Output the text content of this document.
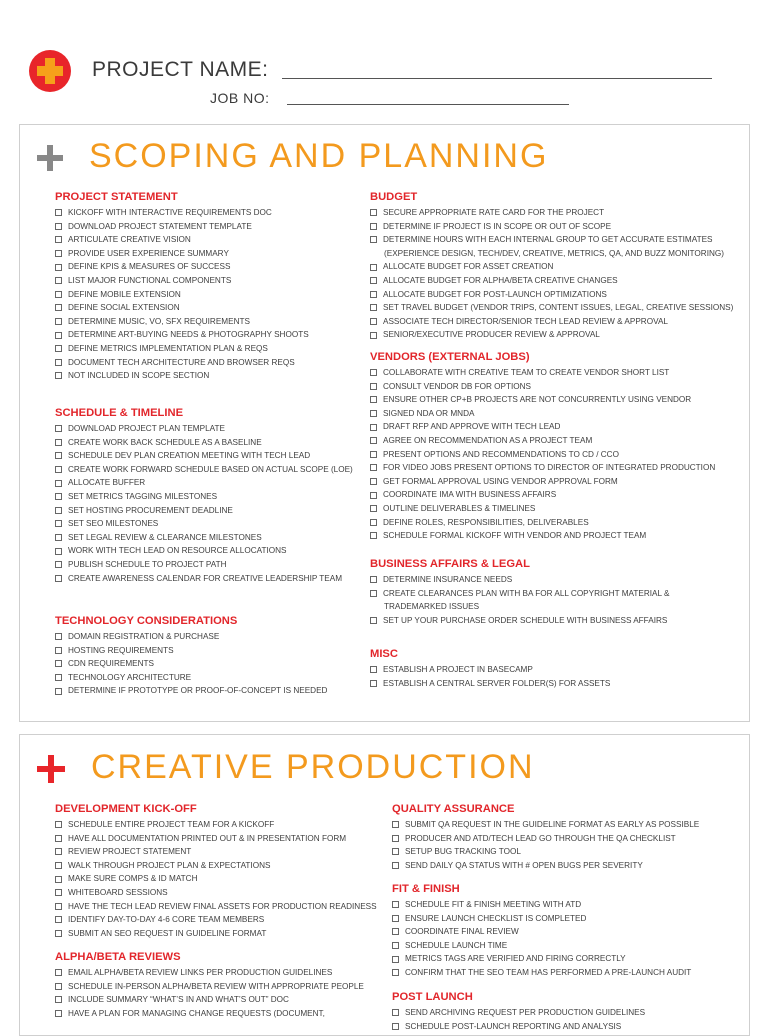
PROJECT NAME:
JOB NO:
SCOPING AND PLANNING
PROJECT STATEMENT
KICKOFF WITH INTERACTIVE REQUIREMENTS DOC
DOWNLOAD PROJECT STATEMENT TEMPLATE
ARTICULATE CREATIVE VISION
PROVIDE USER EXPERIENCE SUMMARY
DEFINE KPIS & MEASURES OF SUCCESS
LIST MAJOR FUNCTIONAL COMPONENTS
DEFINE MOBILE EXTENSION
DEFINE SOCIAL EXTENSION
DETERMINE MUSIC, VO, SFX REQUIREMENTS
DETERMINE ART-BUYING NEEDS & PHOTOGRAPHY SHOOTS
DEFINE METRICS IMPLEMENTATION PLAN & REQS
DOCUMENT TECH ARCHITECTURE AND BROWSER REQS
NOT INCLUDED IN SCOPE SECTION
SCHEDULE & TIMELINE
DOWNLOAD PROJECT PLAN TEMPLATE
CREATE WORK BACK SCHEDULE AS A BASELINE
SCHEDULE DEV PLAN CREATION MEETING WITH TECH LEAD
CREATE WORK FORWARD SCHEDULE BASED ON ACTUAL SCOPE (LOE)
ALLOCATE BUFFER
SET METRICS TAGGING MILESTONES
SET HOSTING PROCUREMENT DEADLINE
SET SEO MILESTONES
SET LEGAL REVIEW & CLEARANCE MILESTONES
WORK WITH TECH LEAD ON RESOURCE ALLOCATIONS
PUBLISH SCHEDULE TO PROJECT PATH
CREATE AWARENESS CALENDAR FOR CREATIVE LEADERSHIP TEAM
TECHNOLOGY CONSIDERATIONS
DOMAIN REGISTRATION & PURCHASE
HOSTING REQUIREMENTS
CDN REQUIREMENTS
TECHNOLOGY ARCHITECTURE
DETERMINE IF PROTOTYPE OR PROOF-OF-CONCEPT IS NEEDED
BUDGET
SECURE APPROPRIATE RATE CARD FOR THE PROJECT
DETERMINE IF PROJECT IS IN SCOPE OR OUT OF SCOPE
DETERMINE HOURS WITH EACH INTERNAL GROUP TO GET ACCURATE ESTIMATES
(EXPERIENCE DESIGN, TECH/DEV, CREATIVE, METRICS, QA, AND BUZZ MONITORING)
ALLOCATE BUDGET FOR ASSET CREATION
ALLOCATE BUDGET FOR ALPHA/BETA CREATIVE CHANGES
ALLOCATE BUDGET FOR POST-LAUNCH OPTIMIZATIONS
SET TRAVEL BUDGET (VENDOR TRIPS, CONTENT ISSUES, LEGAL, CREATIVE SESSIONS)
ASSOCIATE TECH DIRECTOR/SENIOR TECH LEAD REVIEW & APPROVAL
SENIOR/EXECUTIVE PRODUCER REVIEW & APPROVAL
VENDORS (EXTERNAL JOBS)
COLLABORATE WITH CREATIVE TEAM TO CREATE VENDOR SHORT LIST
CONSULT VENDOR DB FOR OPTIONS
ENSURE OTHER CP+B PROJECTS ARE NOT CONCURRENTLY USING VENDOR
SIGNED NDA OR MNDA
DRAFT RFP AND APPROVE WITH TECH LEAD
AGREE ON RECOMMENDATION AS A PROJECT TEAM
PRESENT OPTIONS AND RECOMMENDATIONS TO CD / CCO
FOR VIDEO JOBS PRESENT OPTIONS TO DIRECTOR OF INTEGRATED PRODUCTION
GET FORMAL APPROVAL USING VENDOR APPROVAL FORM
COORDINATE IMA WITH BUSINESS AFFAIRS
OUTLINE DELIVERABLES & TIMELINES
DEFINE ROLES, RESPONSIBILITIES, DELIVERABLES
SCHEDULE FORMAL KICKOFF WITH VENDOR AND PROJECT TEAM
BUSINESS AFFAIRS & LEGAL
DETERMINE INSURANCE NEEDS
CREATE CLEARANCES PLAN WITH BA FOR ALL COPYRIGHT MATERIAL &
TRADEMARKED ISSUES
SET UP YOUR PURCHASE ORDER SCHEDULE WITH BUSINESS AFFAIRS
MISC
ESTABLISH A PROJECT IN BASECAMP
ESTABLISH A CENTRAL SERVER FOLDER(S) FOR ASSETS
CREATIVE PRODUCTION
DEVELOPMENT KICK-OFF
SCHEDULE ENTIRE PROJECT TEAM FOR A KICKOFF
HAVE ALL DOCUMENTATION PRINTED OUT & IN PRESENTATION FORM
REVIEW PROJECT STATEMENT
WALK THROUGH PROJECT PLAN & EXPECTATIONS
MAKE SURE COMPS & ID MATCH
WHITEBOARD SESSIONS
HAVE THE TECH LEAD REVIEW FINAL ASSETS FOR PRODUCTION READINESS
IDENTIFY DAY-TO-DAY 4-6 CORE TEAM MEMBERS
SUBMIT AN SEO REQUEST IN GUIDELINE FORMAT
ALPHA/BETA REVIEWS
EMAIL ALPHA/BETA REVIEW LINKS PER PRODUCTION GUIDELINES
SCHEDULE IN-PERSON ALPHA/BETA REVIEW WITH APPROPRIATE PEOPLE
INCLUDE SUMMARY “WHAT’S IN AND WHAT’S OUT” DOC
HAVE A PLAN FOR MANAGING CHANGE REQUESTS (DOCUMENT,
QUALITY ASSURANCE
SUBMIT QA REQUEST IN THE GUIDELINE FORMAT AS EARLY AS POSSIBLE
PRODUCER AND ATD/TECH LEAD GO THROUGH THE QA CHECKLIST
SETUP BUG TRACKING TOOL
SEND DAILY QA STATUS WITH # OPEN BUGS PER SEVERITY
FIT & FINISH
SCHEDULE FIT & FINISH MEETING WITH ATD
ENSURE LAUNCH CHECKLIST IS COMPLETED
COORDINATE FINAL REVIEW
SCHEDULE LAUNCH TIME
METRICS TAGS ARE VERIFIED AND FIRING CORRECTLY
CONFIRM THAT THE SEO TEAM HAS PERFORMED A PRE-LAUNCH AUDIT
POST LAUNCH
SEND ARCHIVING REQUEST PER PRODUCTION GUIDELINES
SCHEDULE POST-LAUNCH REPORTING AND ANALYSIS
